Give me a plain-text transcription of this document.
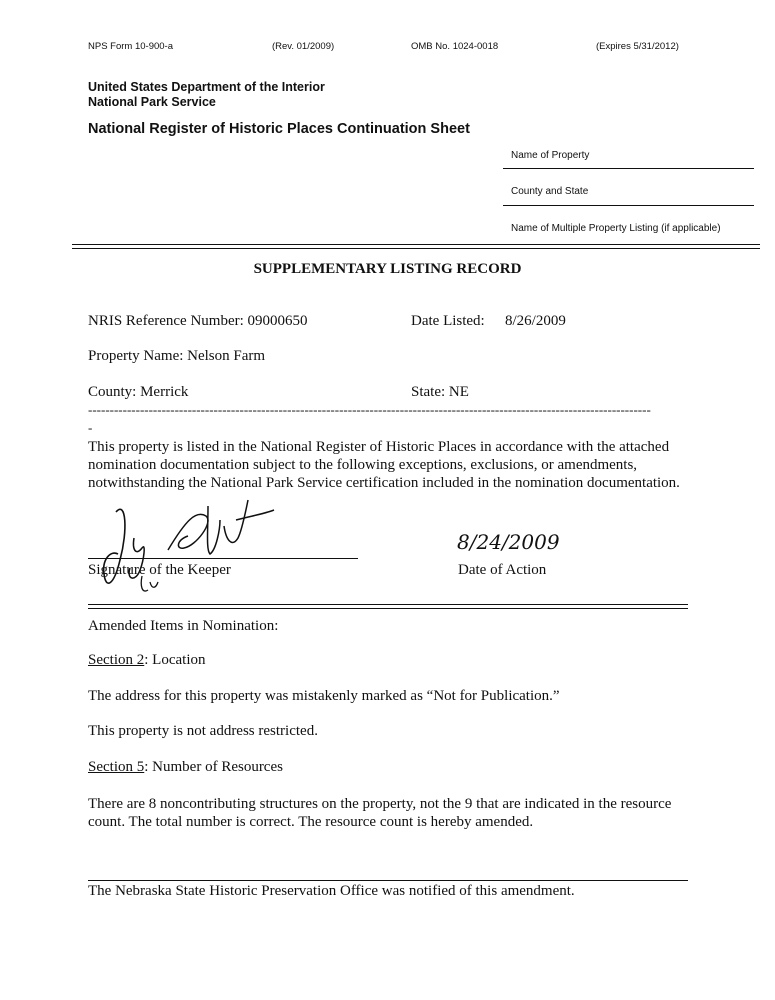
NPS Form 10-900-a	(Rev. 01/2009)	OMB No. 1024-0018	(Expires 5/31/2012)
United States Department of the Interior
National Park Service
National Register of Historic Places Continuation Sheet
Name of Property
County and State
Name of Multiple Property Listing (if applicable)
SUPPLEMENTARY LISTING RECORD
NRIS Reference Number: 09000650	Date Listed: 8/26/2009
Property Name: Nelson Farm
County: Merrick	State: NE
----------------------------------------------------------------------------------------------------------------------------------
-
This property is listed in the National Register of Historic Places in accordance with the attached nomination documentation subject to the following exceptions, exclusions, or amendments, notwithstanding the National Park Service certification included in the nomination documentation.
Signature of the Keeper	Date of Action
8/24/2009
Amended Items in Nomination:
Section 2: Location
The address for this property was mistakenly marked as “Not for Publication.”
This property is not address restricted.
Section 5: Number of Resources
There are 8 noncontributing structures on the property, not the 9 that are indicated in the resource count. The total number is correct. The resource count is hereby amended.
The Nebraska State Historic Preservation Office was notified of this amendment.
